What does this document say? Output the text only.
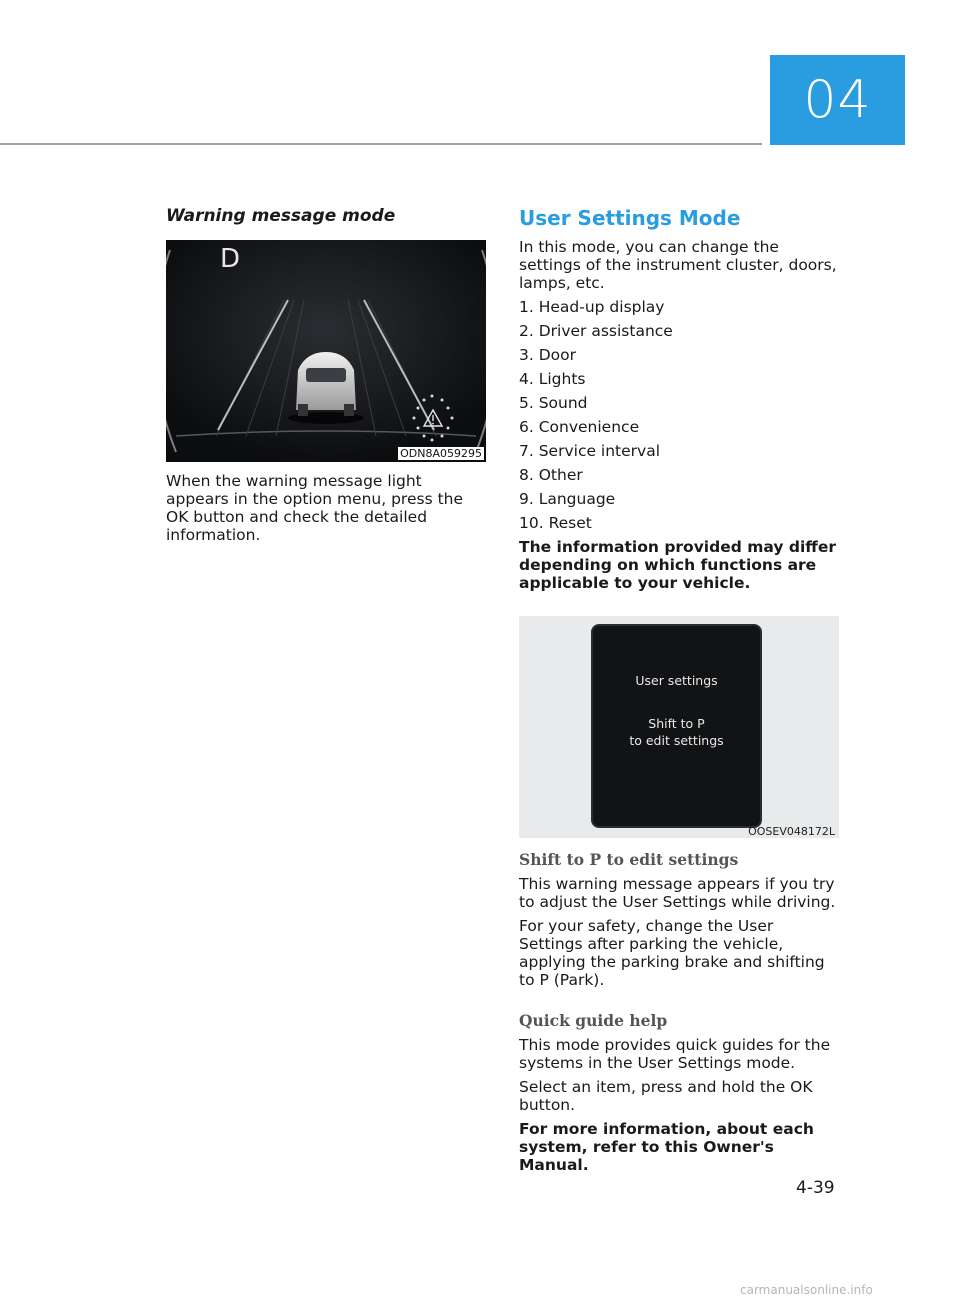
04

Warning message mode

D
ODN8A059295

When the warning message light appears in the option menu, press the OK button and check the detailed information.

User Settings Mode

In this mode, you can change the settings of the instrument cluster, doors, lamps, etc.

1. Head-up display

2. Driver assistance

3. Door

4. Lights

5. Sound

6. Convenience

7. Service interval

8. Other

9. Language

10. Reset

The information provided may differ depending on which functions are applicable to your vehicle.

User settings
Shift to P
to edit settings
OOSEV048172L

Shift to P to edit settings

This warning message appears if you try to adjust the User Settings while driving.

For your safety, change the User Settings after parking the vehicle, applying the parking brake and shifting to P (Park).

Quick guide help

This mode provides quick guides for the systems in the User Settings mode.

Select an item, press and hold the OK button.

For more information, about each system, refer to this Owner's Manual.

4-39
carmanualsonline.info
